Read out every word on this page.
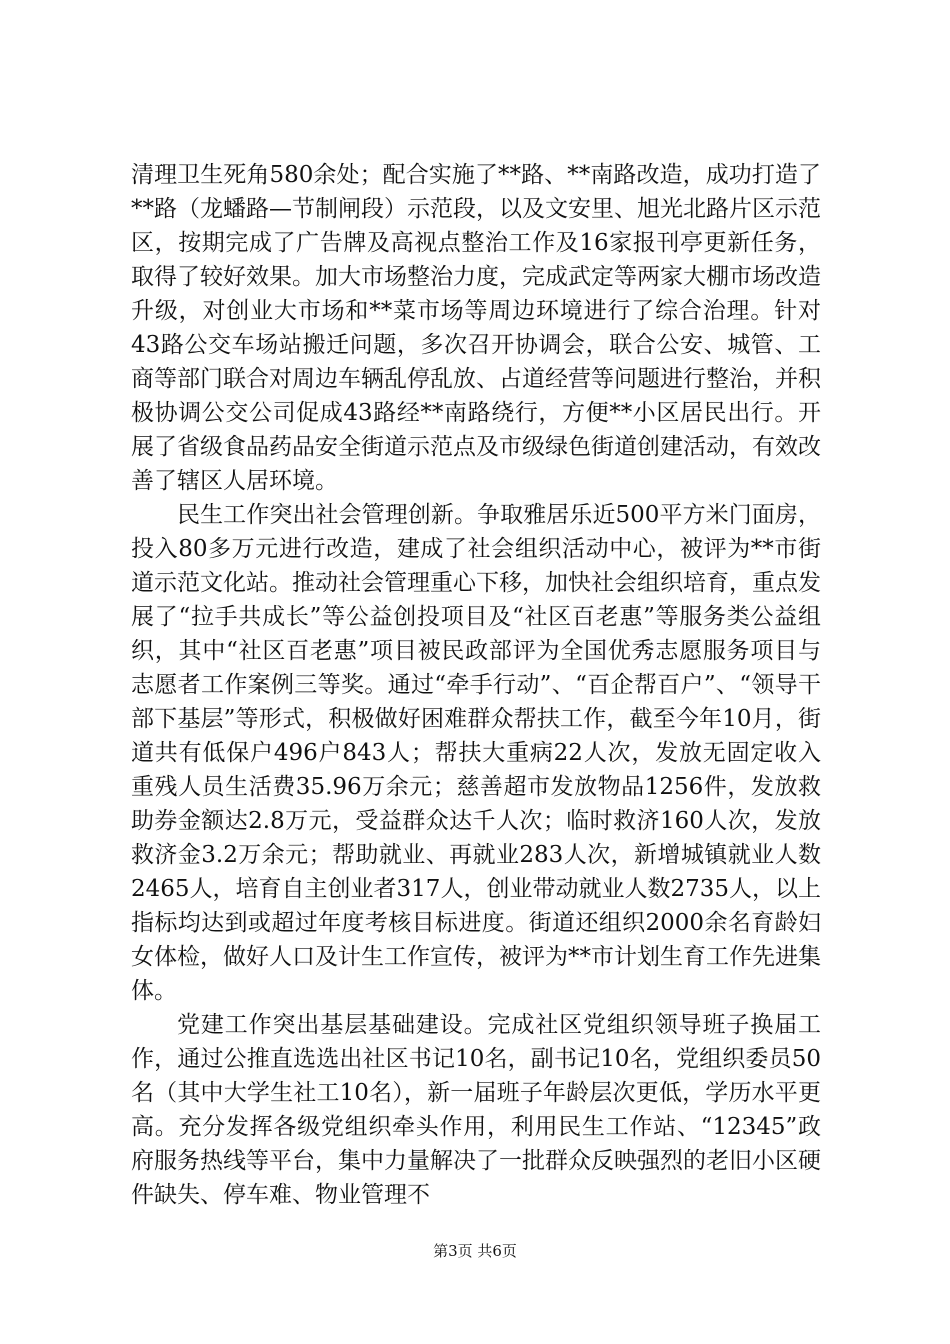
清理卫生死角580余处；配合实施了**路、**南路改造，成功打造了**路（龙蟠路—节制闸段）示范段，以及文安里、旭光北路片区示范区，按期完成了广告牌及高视点整治工作及16家报刊亭更新任务，取得了较好效果。加大市场整治力度，完成武定等两家大棚市场改造升级，对创业大市场和**菜市场等周边环境进行了综合治理。针对43路公交车场站搬迁问题，多次召开协调会，联合公安、城管、工商等部门联合对周边车辆乱停乱放、占道经营等问题进行整治，并积极协调公交公司促成43路经**南路绕行，方便**小区居民出行。开展了省级食品药品安全街道示范点及市级绿色街道创建活动，有效改善了辖区人居环境。

民生工作突出社会管理创新。争取雅居乐近500平方米门面房，投入80多万元进行改造，建成了社会组织活动中心，被评为**市街道示范文化站。推动社会管理重心下移，加快社会组织培育，重点发展了“拉手共成长”等公益创投项目及“社区百老惠”等服务类公益组织，其中“社区百老惠”项目被民政部评为全国优秀志愿服务项目与志愿者工作案例三等奖。通过“牵手行动”、“百企帮百户”、“领导干部下基层”等形式，积极做好困难群众帮扶工作，截至今年10月，街道共有低保户496户843人；帮扶大重病22人次，发放无固定收入重残人员生活费35.96万余元；慈善超市发放物品1256件，发放救助券金额达2.8万元，受益群众达千人次；临时救济160人次，发放救济金3.2万余元；帮助就业、再就业283人次，新增城镇就业人数2465人，培育自主创业者317人，创业带动就业人数2735人，以上指标均达到或超过年度考核目标进度。街道还组织2000余名育龄妇女体检，做好人口及计生工作宣传，被评为**市计划生育工作先进集体。

党建工作突出基层基础建设。完成社区党组织领导班子换届工作，通过公推直选选出社区书记10名，副书记10名，党组织委员50名（其中大学生社工10名），新一届班子年龄层次更低，学历水平更高。充分发挥各级党组织牵头作用，利用民生工作站、“12345”政府服务热线等平台，集中力量解决了一批群众反映强烈的老旧小区硬件缺失、停车难、物业管理不

第3页 共6页
